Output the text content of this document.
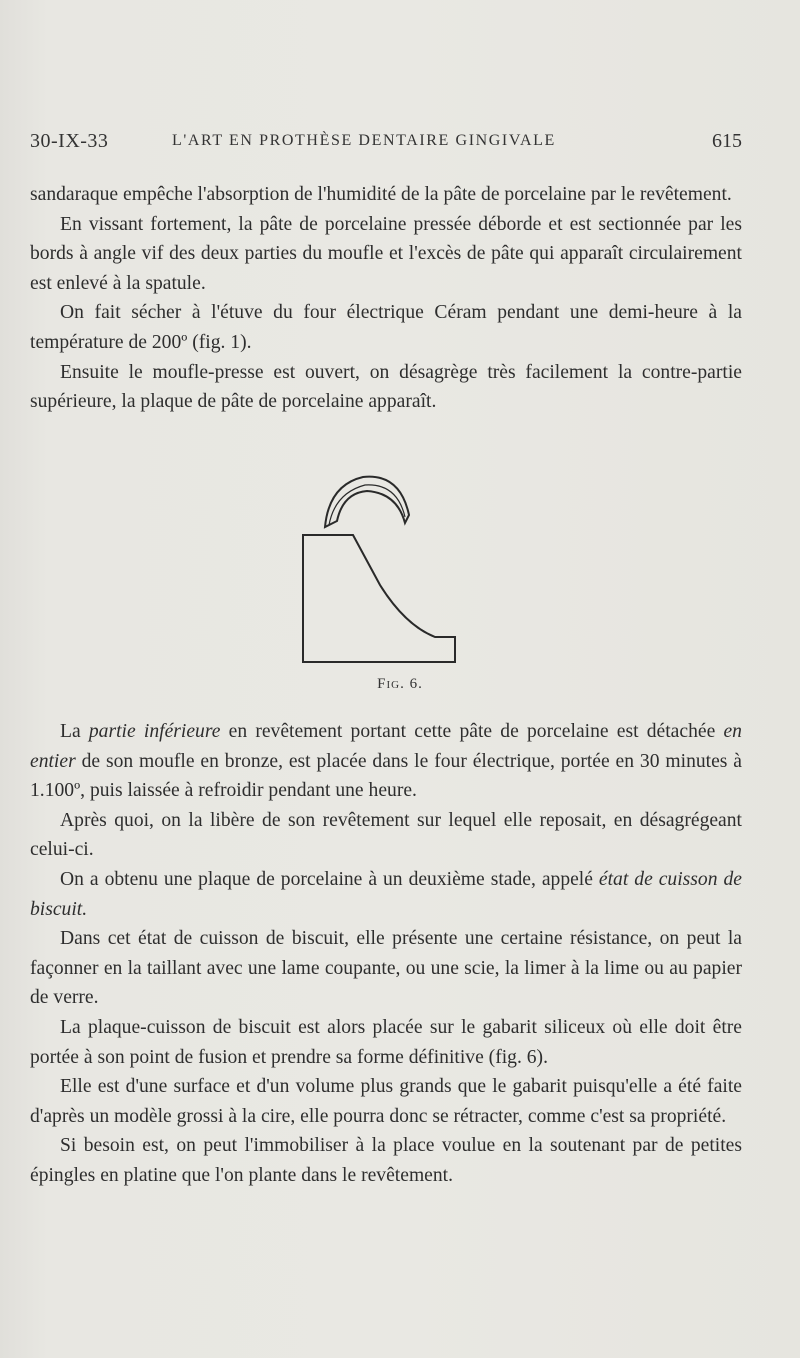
30-IX-33	L'ART EN PROTHÈSE DENTAIRE GINGIVALE	615

sandaraque empêche l'absorption de l'humidité de la pâte de porcelaine par le revêtement.

En vissant fortement, la pâte de porcelaine pressée déborde et est sectionnée par les bords à angle vif des deux parties du moufle et l'excès de pâte qui apparaît circulairement est enlevé à la spatule.

On fait sécher à l'étuve du four électrique Céram pendant une demi-heure à la température de 200º (fig. 1).

Ensuite le moufle-presse est ouvert, on désagrège très facilement la contre-partie supérieure, la plaque de pâte de porcelaine apparaît.

Fig. 6.

La partie inférieure en revêtement portant cette pâte de porcelaine est détachée en entier de son moufle en bronze, est placée dans le four électrique, portée en 30 minutes à 1.100º, puis laissée à refroidir pendant une heure.

Après quoi, on la libère de son revêtement sur lequel elle reposait, en désagrégeant celui-ci.

On a obtenu une plaque de porcelaine à un deuxième stade, appelé état de cuisson de biscuit.

Dans cet état de cuisson de biscuit, elle présente une certaine résistance, on peut la façonner en la taillant avec une lame coupante, ou une scie, la limer à la lime ou au papier de verre.

La plaque-cuisson de biscuit est alors placée sur le gabarit siliceux où elle doit être portée à son point de fusion et prendre sa forme définitive (fig. 6).

Elle est d'une surface et d'un volume plus grands que le gabarit puisqu'elle a été faite d'après un modèle grossi à la cire, elle pourra donc se rétracter, comme c'est sa propriété.

Si besoin est, on peut l'immobiliser à la place voulue en la soutenant par de petites épingles en platine que l'on plante dans le revêtement.
